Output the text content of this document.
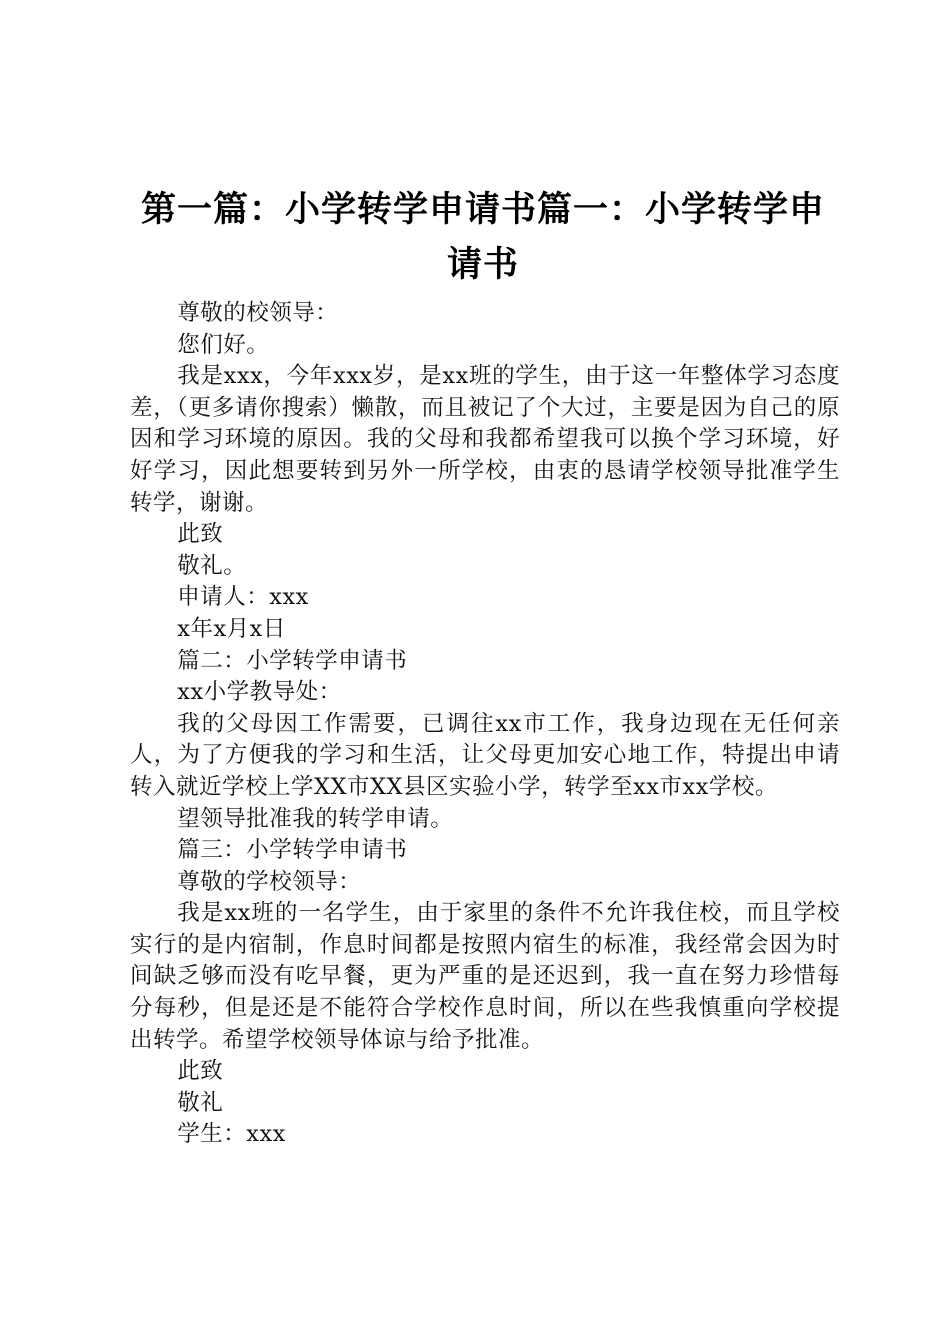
第一篇：小学转学申请书篇一：小学转学申请书

尊敬的校领导：

您们好。

我是xxx，今年xxx岁，是xx班的学生，由于这一年整体学习态度差，（更多请你搜索）懒散，而且被记了个大过，主要是因为自己的原因和学习环境的原因。我的父母和我都希望我可以换个学习环境，好好学习，因此想要转到另外一所学校，由衷的恳请学校领导批准学生转学，谢谢。

此致

敬礼。

申请人：xxx

x年x月x日

篇二：小学转学申请书

xx小学教导处：

我的父母因工作需要，已调往xx市工作，我身边现在无任何亲人，为了方便我的学习和生活，让父母更加安心地工作，特提出申请转入就近学校上学XX市XX县区实验小学，转学至xx市xx学校。

望领导批准我的转学申请。

篇三：小学转学申请书

尊敬的学校领导：

我是xx班的一名学生，由于家里的条件不允许我住校，而且学校实行的是内宿制，作息时间都是按照内宿生的标准，我经常会因为时间缺乏够而没有吃早餐，更为严重的是还迟到，我一直在努力珍惜每分每秒，但是还是不能符合学校作息时间，所以在些我慎重向学校提出转学。希望学校领导体谅与给予批准。

此致

敬礼

学生：xxx
